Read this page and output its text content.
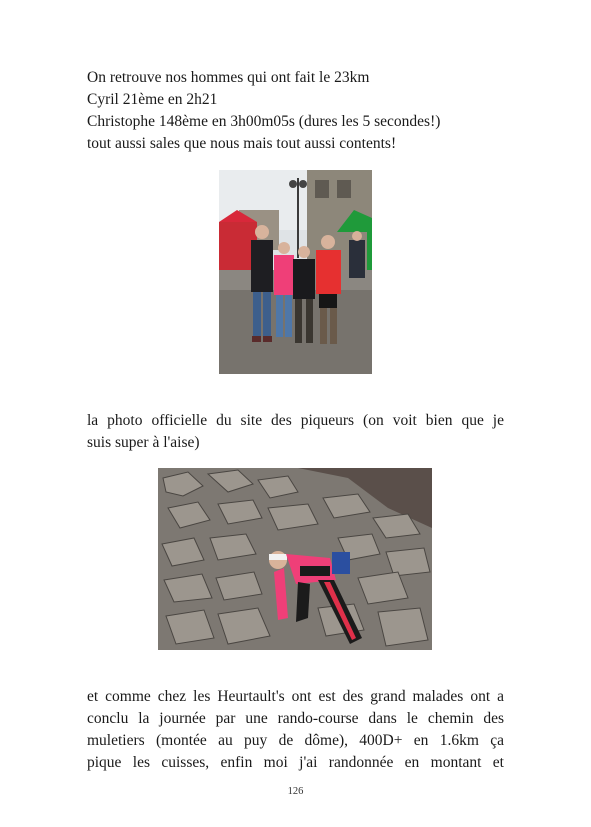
On retrouve nos hommes qui ont fait le 23km
Cyril 21ème en 2h21
Christophe 148ème en 3h00m05s (dures les 5 secondes!)
tout aussi sales que nous mais tout aussi contents!
la photo officielle du site des piqueurs (on voit bien que je
suis super à l'aise)
et comme chez les Heurtault's ont est des grand malades ont a
conclu la journée par une rando-course dans le chemin des
muletiers (montée au puy de dôme), 400D+ en 1.6km ça
pique les cuisses, enfin moi j'ai randonnée en montant et
126
